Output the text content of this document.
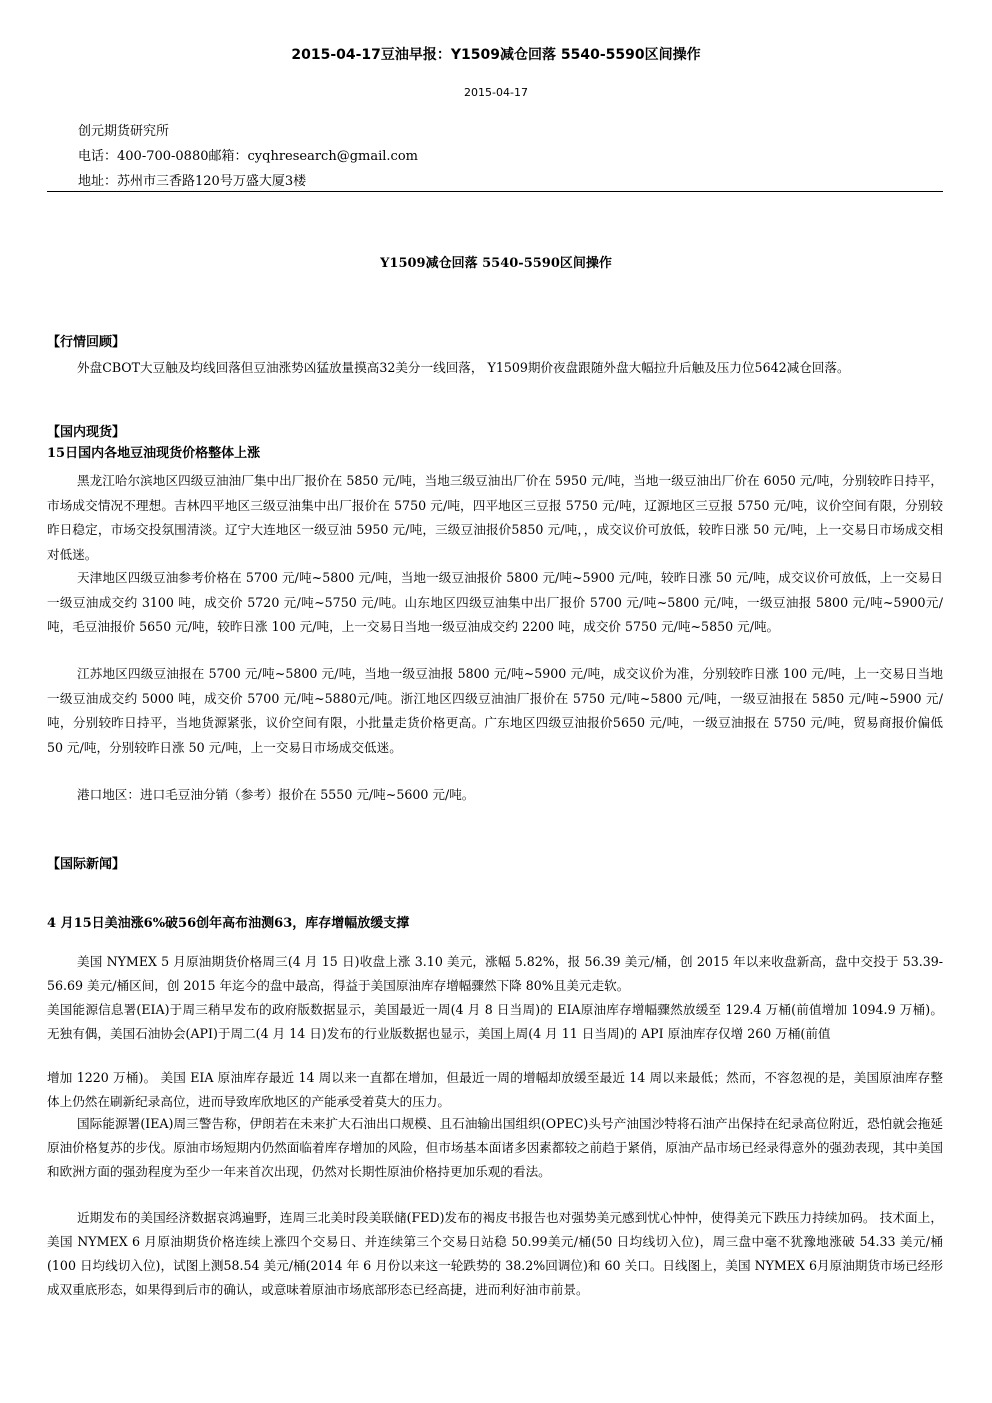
2015-04-17豆油早报：Y1509减仓回落 5540-5590区间操作
2015-04-17
创元期货研究所
电话：400-700-0880邮箱：cyqhresearch@gmail.com
地址：苏州市三香路120号万盛大厦3楼
Y1509减仓回落 5540-5590区间操作
【行情回顾】

外盘CBOT大豆触及均线回落但豆油涨势凶猛放量摸高32美分一线回落， Y1509期价夜盘跟随外盘大幅拉升后触及压力位5642减仓回落。

【国内现货】
15日国内各地豆油现货价格整体上涨

黑龙江哈尔滨地区四级豆油油厂集中出厂报价在 5850 元/吨，当地三级豆油出厂价在 5950 元/吨，当地一级豆油出厂价在 6050 元/吨，分别较昨日持平，市场成交情况不理想。吉林四平地区三级豆油集中出厂报价在 5750 元/吨，四平地区三豆报 5750 元/吨，辽源地区三豆报 5750 元/吨，议价空间有限，分别较昨日稳定，市场交投氛围清淡。辽宁大连地区一级豆油 5950 元/吨，三级豆油报价5850 元/吨，，成交议价可放低，较昨日涨 50 元/吨，上一交易日市场成交相对低迷。

天津地区四级豆油参考价格在 5700 元/吨~5800 元/吨，当地一级豆油报价 5800 元/吨~5900 元/吨，较昨日涨 50 元/吨，成交议价可放低，上一交易日一级豆油成交约 3100 吨，成交价 5720 元/吨~5750 元/吨。山东地区四级豆油集中出厂报价 5700 元/吨~5800 元/吨，一级豆油报 5800 元/吨~5900元/吨，毛豆油报价 5650 元/吨，较昨日涨 100 元/吨，上一交易日当地一级豆油成交约 2200 吨，成交价 5750 元/吨~5850 元/吨。

江苏地区四级豆油报在 5700 元/吨~5800 元/吨，当地一级豆油报 5800 元/吨~5900 元/吨，成交议价为准，分别较昨日涨 100 元/吨，上一交易日当地一级豆油成交约 5000 吨，成交价 5700 元/吨~5880元/吨。浙江地区四级豆油油厂报价在 5750 元/吨~5800 元/吨，一级豆油报在 5850 元/吨~5900 元/吨，分别较昨日持平，当地货源紧张，议价空间有限，小批量走货价格更高。广东地区四级豆油报价5650 元/吨，一级豆油报在 5750 元/吨，贸易商报价偏低 50 元/吨，分别较昨日涨 50 元/吨，上一交易日市场成交低迷。

港口地区：进口毛豆油分销（参考）报价在 5550 元/吨~5600 元/吨。

【国际新闻】
4 月15日美油涨6%破56创年高布油测63，库存增幅放缓支撑

美国 NYMEX 5 月原油期货价格周三(4 月 15 日)收盘上涨 3.10 美元，涨幅 5.82%，报 56.39 美元/桶，创 2015 年以来收盘新高，盘中交投于 53.39-56.69 美元/桶区间，创 2015 年迄今的盘中最高，得益于美国原油库存增幅骤然下降 80%且美元走软。

美国能源信息署(EIA)于周三稍早发布的政府版数据显示，美国最近一周(4 月 8 日当周)的 EIA原油库存增幅骤然放缓至 129.4 万桶(前值增加 1094.9 万桶)。无独有偶，美国石油协会(API)于周二(4 月 14 日)发布的行业版数据也显示，美国上周(4 月 11 日当周)的 API 原油库存仅增 260 万桶(前值

增加 1220 万桶)。 美国 EIA 原油库存最近 14 周以来一直都在增加，但最近一周的增幅却放缓至最近 14 周以来最低；然而，不容忽视的是，美国原油库存整体上仍然在刷新纪录高位，进而导致库欣地区的产能承受着莫大的压力。

国际能源署(IEA)周三警告称，伊朗若在未来扩大石油出口规模、且石油输出国组织(OPEC)头号产油国沙特将石油产出保持在纪录高位附近，恐怕就会拖延原油价格复苏的步伐。原油市场短期内仍然面临着库存增加的风险，但市场基本面诸多因素都较之前趋于紧俏，原油产品市场已经录得意外的强劲表现，其中美国和欧洲方面的强劲程度为至少一年来首次出现，仍然对长期性原油价格持更加乐观的看法。

近期发布的美国经济数据哀鸿遍野，连周三北美时段美联储(FED)发布的褐皮书报告也对强势美元感到忧心忡忡，使得美元下跌压力持续加码。 技术面上，美国 NYMEX 6 月原油期货价格连续上涨四个交易日、并连续第三个交易日站稳 50.99美元/桶(50 日均线切入位)，周三盘中毫不犹豫地涨破 54.33 美元/桶(100 日均线切入位)，试图上测58.54 美元/桶(2014 年 6 月份以来这一轮跌势的 38.2%回调位)和 60 关口。日线图上，美国 NYMEX 6月原油期货市场已经形成双重底形态，如果得到后市的确认，或意味着原油市场底部形态已经高捷，进而利好油市前景。
